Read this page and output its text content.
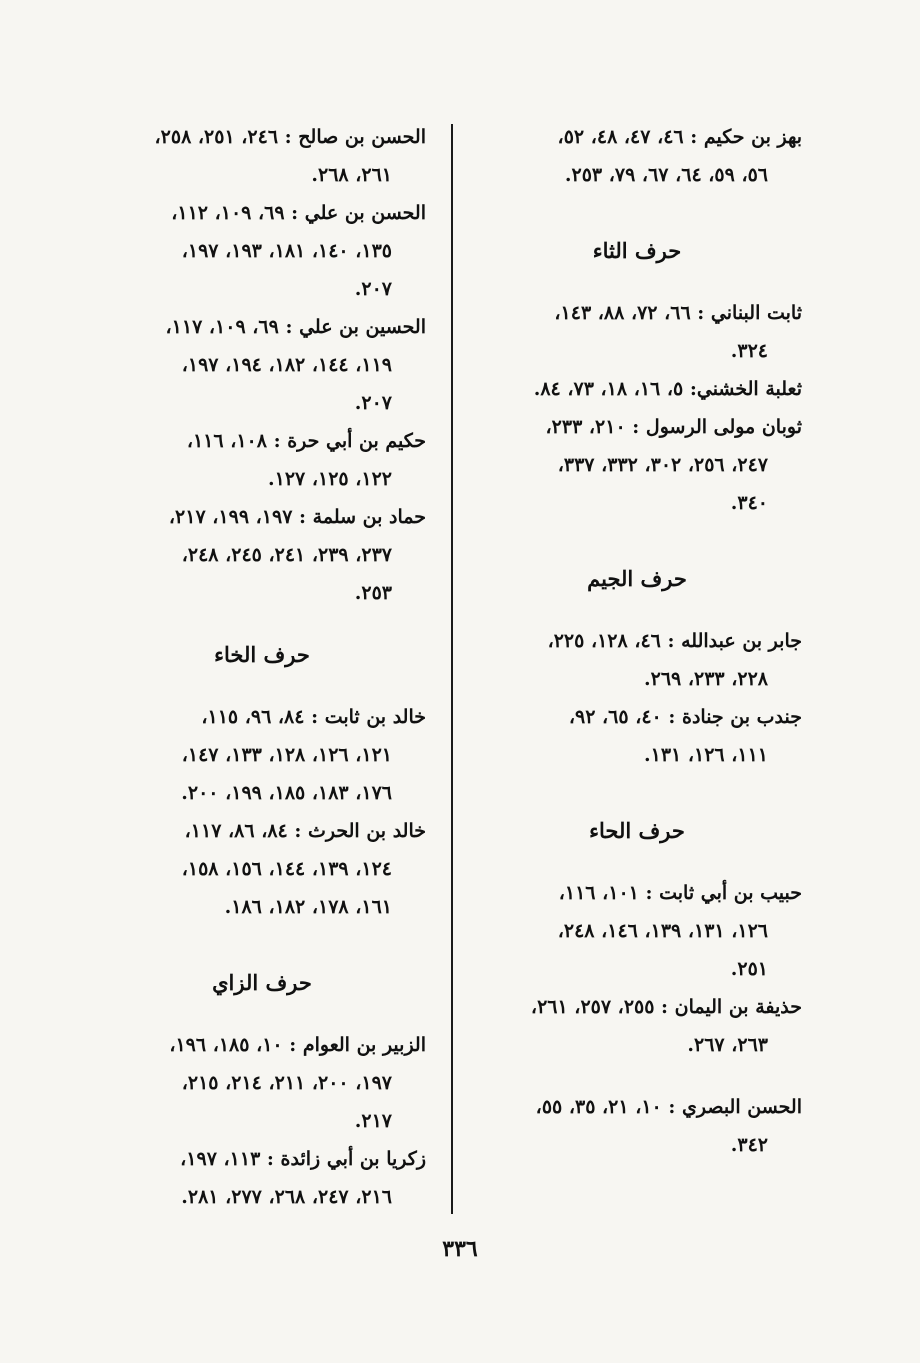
بهز بن حكيم : ٤٦، ٤٧، ٤٨، ٥٢،
٥٦، ٥٩، ٦٤، ٦٧، ٧٩، ٢٥٣.
حرف الثاء
ثابت البناني : ٦٦، ٧٢، ٨٨، ١٤٣،
٣٢٤.
ثعلبة الخشني: ٥، ١٦، ١٨، ٧٣، ٨٤.
ثوبان مولى الرسول : ٢١٠، ٢٣٣،
٢٤٧، ٢٥٦، ٣٠٢، ٣٣٢، ٣٣٧،
٣٤٠.
حرف الجيم
جابر بن عبدالله : ٤٦، ١٢٨، ٢٢٥،
٢٢٨، ٢٣٣، ٢٦٩.
جندب بن جنادة : ٤٠، ٦٥، ٩٢،
١١١، ١٢٦، ١٣١.
حرف الحاء
حبيب بن أبي ثابت : ١٠١، ١١٦،
١٢٦، ١٣١، ١٣٩، ١٤٦، ٢٤٨،
٢٥١.
حذيفة بن اليمان : ٢٥٥، ٢٥٧، ٢٦١،
٢٦٣، ٢٦٧.
الحسن البصري : ١٠، ٢١، ٣٥، ٥٥،
٣٤٢.
الحسن بن صالح : ٢٤٦، ٢٥١، ٢٥٨،
٢٦١، ٢٦٨.
الحسن بن علي : ٦٩، ١٠٩، ١١٢،
١٣٥، ١٤٠، ١٨١، ١٩٣، ١٩٧،
٢٠٧.
الحسين بن علي : ٦٩، ١٠٩، ١١٧،
١١٩، ١٤٤، ١٨٢، ١٩٤، ١٩٧،
٢٠٧.
حكيم بن أبي حرة : ١٠٨، ١١٦،
١٢٢، ١٢٥، ١٢٧.
حماد بن سلمة : ١٩٧، ١٩٩، ٢١٧،
٢٣٧، ٢٣٩، ٢٤١، ٢٤٥، ٢٤٨،
٢٥٣.
حرف الخاء
خالد بن ثابت : ٨٤، ٩٦، ١١٥،
١٢١، ١٢٦، ١٢٨، ١٣٣، ١٤٧،
١٧٦، ١٨٣، ١٨٥، ١٩٩، ٢٠٠.
خالد بن الحرث : ٨٤، ٨٦، ١١٧،
١٢٤، ١٣٩، ١٤٤، ١٥٦، ١٥٨،
١٦١، ١٧٨، ١٨٢، ١٨٦.
حرف الزاي
الزبير بن العوام : ١٠، ١٨٥، ١٩٦،
١٩٧، ٢٠٠، ٢١١، ٢١٤، ٢١٥،
٢١٧.
زكريا بن أبي زائدة : ١١٣، ١٩٧،
٢١٦، ٢٤٧، ٢٦٨، ٢٧٧، ٢٨١.
٣٣٦
